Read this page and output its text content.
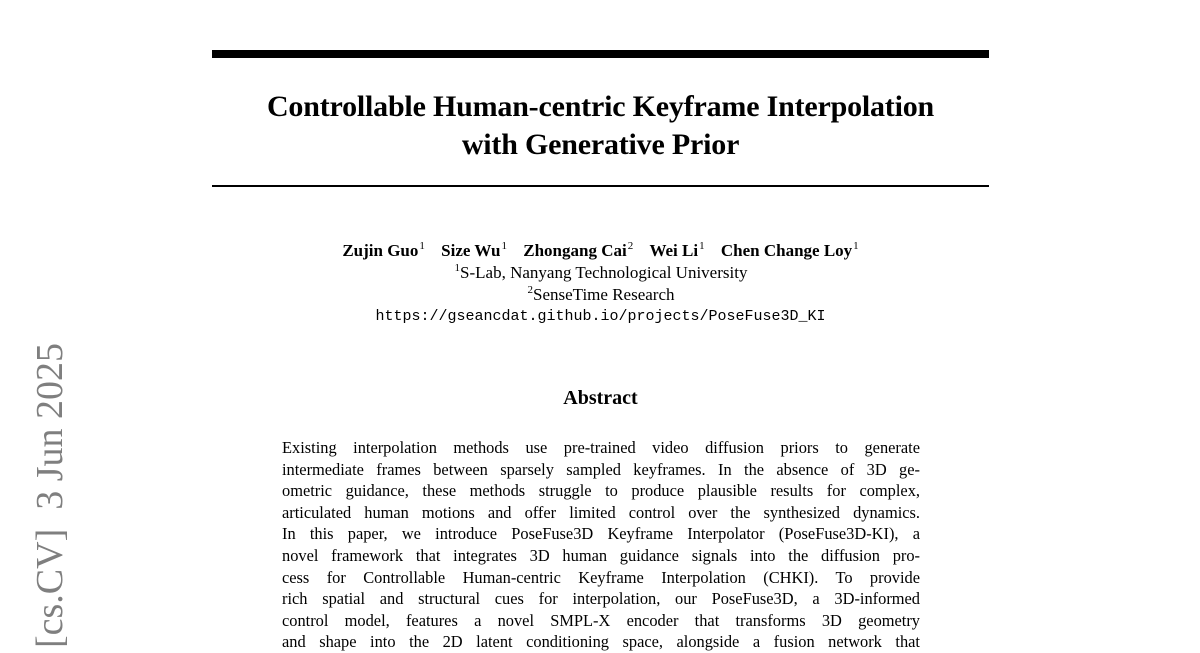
Controllable Human-centric Keyframe Interpolation
with Generative Prior
Zujin Guo$^1$ Size Wu$^1$ Zhongang Cai$^2$ Wei Li$^1$ Chen Change Loy$^1$
$^1$S-Lab, Nanyang Technological University
$^2$SenseTime Research
https://gseancdat.github.io/projects/PoseFuse3D_KI
Abstract
Existing interpolation methods use pre-trained video diffusion priors to generate
intermediate frames between sparsely sampled keyframes. In the absence of 3D ge-
ometric guidance, these methods struggle to produce plausible results for complex,
articulated human motions and offer limited control over the synthesized dynamics.
In this paper, we introduce PoseFuse3D Keyframe Interpolator (PoseFuse3D-KI), a
novel framework that integrates 3D human guidance signals into the diffusion pro-
cess for Controllable Human-centric Keyframe Interpolation (CHKI). To provide
rich spatial and structural cues for interpolation, our PoseFuse3D, a 3D-informed
control model, features a novel SMPL-X encoder that transforms 3D geometry
and shape into the 2D latent conditioning space, alongside a fusion network that
[cs.CV]  3 Jun 2025
